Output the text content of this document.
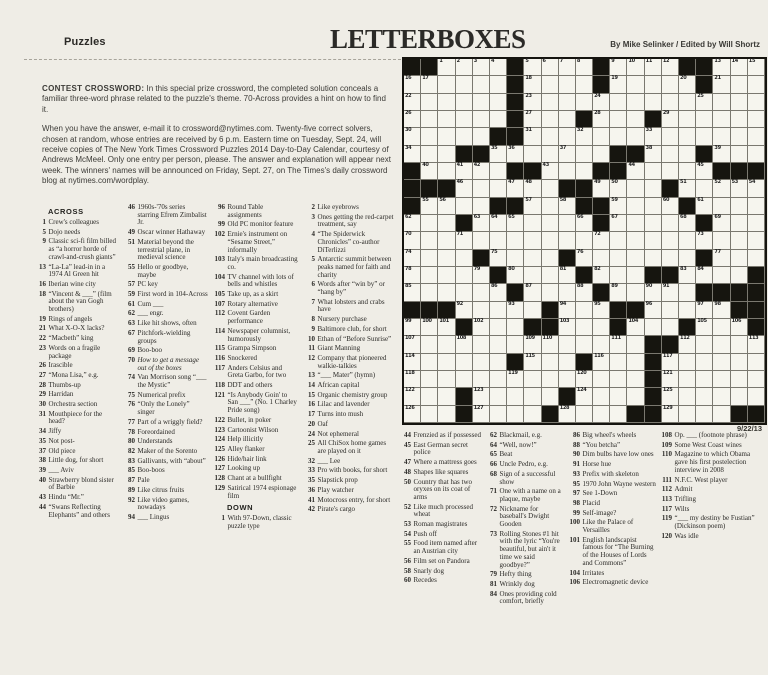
Puzzles	LETTERBOXES	By Mike Selinker / Edited by Will Shortz

CONTEST CROSSWORD: In this special prize crossword, the completed solution conceals a familiar three-word phrase related to the puzzle's theme. 70-Across provides a hint on how to find it.

When you have the answer, e-mail it to crossword@nytimes.com. Twenty-five correct solvers, chosen at random, whose entries are received by 6 p.m. Eastern time on Tuesday, Sept. 24, will receive copies of The New York Times Crossword Puzzles 2014 Day-to-Day Calendar, courtesy of Andrews McMeel. Only one entry per person, please. The answer and explanation will appear next week. The winners' names will be announced on Friday, Sept. 27, on The Times's daily crossword blog at nytimes.com/wordplay.

1	2	3	4	5	6	7	8	9	10 11 12	13 14 15
16 17	18	19	20	21
22	23	24	25
26	27	28	29
30	31	32	33
34	35 36	37	38	39
40	41 42	43	44	45
46	47 48	49 50	51	52 53 54
55 56	57	58	59	60	61
62	63 64 65	66	67	68	69
70	71	72	73
74	75	76	77
78	79	80	81	82	83 84
85	86	87	88	89	90 91
92	93	94	95	96	97 98
99 100 101	102	103	104	105	106
107	108	109 110	111	112	113
114	115	116	117
118	119	120	121
122	123	124	125
126	127	128	129
9/22/13
ACROSS
1 Crew's colleagues
5 Dojo needs
9 Classic sci-fi film billed as “a horror horde of crawl-and-crush giants”
13 “La-La” lead-in in a 1974 Al Green hit
16 Iberian wine city
18 “Vincent & ___” (film about the van Gogh brothers)
19 Rings of angels
21 What X-O-X lacks?
22 “Macbeth” king
23 Words on a fragile package
26 Irascible
27 “Mona Lisa,” e.g.
28 Thumbs-up
29 Harridan
30 Orchestra section
31 Mouthpiece for the head?
34 Jiffy
35 Not post-
37 Old piece
38 Little dog, for short
39 ___ Aviv
40 Strawberry blond sister of Barbie
43 Hindu “Mr.”
44 “Swans Reflecting Elephants” and others
46 1960s-'70s series starring Efrem Zimbalist Jr.
49 Oscar winner Hathaway
51 Material beyond the terrestrial plane, in medieval science
55 Hello or goodbye, maybe
57 PC key
59 First word in 104-Across
61 Cum ___
62 ___ engr.
63 Like hit shows, often
67 Pitchfork-wielding groups
69 Boo-boo
70 How to get a message out of the boxes
74 Van Morrison song “___ the Mystic”
75 Numerical prefix
76 “Only the Lonely” singer
77 Part of a wriggly field?
78 Foreordained
80 Understands
82 Maker of the Sorento
83 Gallivants, with “about”
85 Boo-boos
87 Pale
89 Like citrus fruits
92 Like video games, nowadays
94 ___ Lingus
96 Round Table assignments
99 Old PC monitor feature
102 Ernie's instrument on “Sesame Street,” informally
103 Italy's main broadcasting co.
104 TV channel with lots of bells and whistles
105 Take up, as a skirt
107 Rotary alternative
112 Covent Garden performance
114 Newspaper columnist, humorously
115 Grampa Simpson
116 Snockered
117 Anders Celsius and Greta Garbo, for two
118 DDT and others
121 “Is Anybody Goin' to San ___” (No. 1 Charley Pride song)
122 Bullet, in poker
123 Cartoonist Wilson
124 Help illicitly
125 Alley flanker
126 Hide/hair link
127 Looking up
128 Chant at a bullfight
129 Satirical 1974 espionage film
DOWN
1 With 97-Down, classic puzzle type
2 Like eyebrows
3 Ones getting the red-carpet treatment, say
4 “The Spiderwick Chronicles” co-author DiTerlizzi
5 Antarctic summit between peaks named for faith and charity
6 Words after “win by” or “hang by”
7 What lobsters and crabs have
8 Nursery purchase
9 Baltimore club, for short
10 Ethan of “Before Sunrise”
11 Giant Manning
12 Company that pioneered walkie-talkies
13 “___ Mater” (hymn)
14 African capital
15 Organic chemistry group
16 Lilac and lavender
17 Turns into mush
20 Oaf
24 Not ephemeral
25 All ChiSox home games are played on it
32 ___ Lee
33 Pro with books, for short
35 Slapstick prop
36 Play watcher
41 Motocross entry, for short
42 Pirate's cargo
44 Frenzied as if possessed
45 East German secret police
47 Where a mattress goes
48 Shapes like squares
50 Country that has two oryxes on its coat of arms
52 Like much processed wheat
53 Roman magistrates
54 Push off
55 Food item named after an Austrian city
56 Film set on Pandora
58 Snarly dog
60 Recedes
62 Blackmail, e.g.
64 “Well, now!”
65 Beat
66 Uncle Pedro, e.g.
68 Sign of a successful show
71 One with a name on a plaque, maybe
72 Nickname for baseball's Dwight Gooden
73 Rolling Stones #1 hit with the lyric “You're beautiful, but ain't it time we said goodbye?”
79 Hefty thing
81 Wrinkly dog
84 Ones providing cold comfort, briefly
86 Big wheel's wheels
88 “You betcha”
90 Dim bulbs have low ones
91 Horse hue
93 Prefix with skeleton
95 1970 John Wayne western
97 See 1-Down
98 Placid
99 Self-image?
100 Like the Palace of Versailles
101 English landscapist famous for “The Burning of the Houses of Lords and Commons”
104 Irritates
106 Electromagnetic device
108 Op. ___ (footnote phrase)
109 Some West Coast wines
110 Magazine to which Obama gave his first postelection interview in 2008
111 N.F.C. West player
112 Admit
113 Trifling
117 Wilts
119 “___ my destiny be Fustian” (Dickinson poem)
120 Was idle
